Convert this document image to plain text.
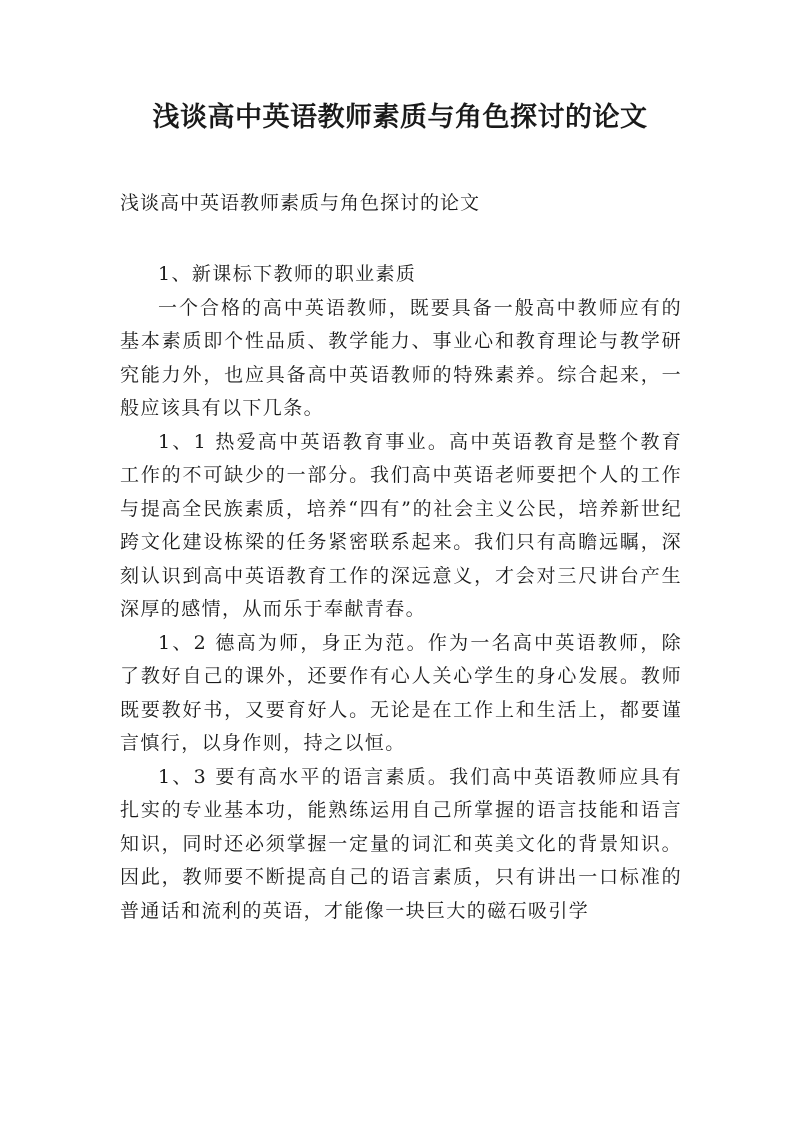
浅谈高中英语教师素质与角色探讨的论文
浅谈高中英语教师素质与角色探讨的论文

1、新课标下教师的职业素质

一个合格的高中英语教师，既要具备一般高中教师应有的基本素质即个性品质、教学能力、事业心和教育理论与教学研究能力外，也应具备高中英语教师的特殊素养。综合起来，一般应该具有以下几条。

1、1 热爱高中英语教育事业。高中英语教育是整个教育工作的不可缺少的一部分。我们高中英语老师要把个人的工作与提高全民族素质，培养“四有”的社会主义公民，培养新世纪跨文化建设栋梁的任务紧密联系起来。我们只有高瞻远瞩，深刻认识到高中英语教育工作的深远意义，才会对三尺讲台产生深厚的感情，从而乐于奉献青春。

1、2 德高为师，身正为范。作为一名高中英语教师，除了教好自己的课外，还要作有心人关心学生的身心发展。教师既要教好书，又要育好人。无论是在工作上和生活上，都要谨言慎行，以身作则，持之以恒。

1、3 要有高水平的语言素质。我们高中英语教师应具有扎实的专业基本功，能熟练运用自己所掌握的语言技能和语言知识，同时还必须掌握一定量的词汇和英美文化的背景知识。因此，教师要不断提高自己的语言素质，只有讲出一口标准的普通话和流利的英语，才能像一块巨大的磁石吸引学
